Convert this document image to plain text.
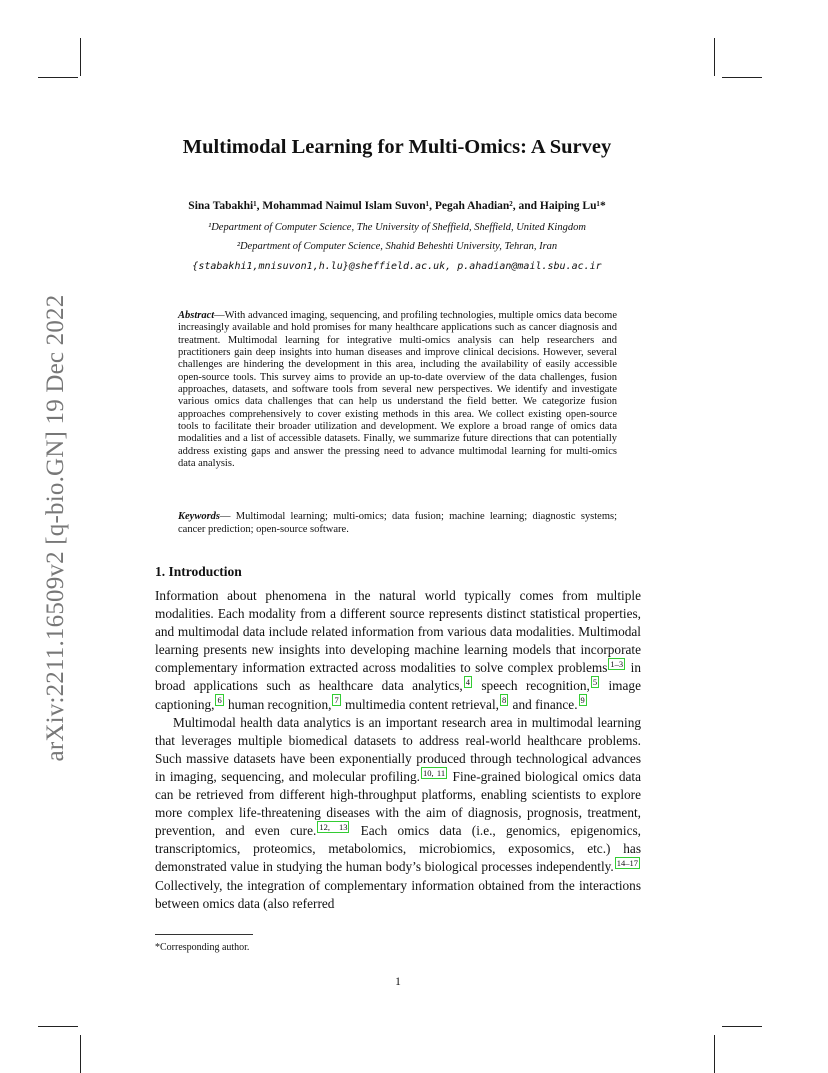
arXiv:2211.16509v2 [q-bio.GN] 19 Dec 2022
Multimodal Learning for Multi-Omics: A Survey
Sina Tabakhi¹, Mohammad Naimul Islam Suvon¹, Pegah Ahadian², and Haiping Lu¹*
¹Department of Computer Science, The University of Sheffield, Sheffield, United Kingdom
²Department of Computer Science, Shahid Beheshti University, Tehran, Iran
{stabakhi1,mnisuvon1,h.lu}@sheffield.ac.uk, p.ahadian@mail.sbu.ac.ir
Abstract—With advanced imaging, sequencing, and profiling technologies, multiple omics data become increasingly available and hold promises for many healthcare applications such as cancer diagnosis and treatment. Multimodal learning for integrative multi-omics analysis can help researchers and practitioners gain deep insights into human diseases and improve clinical decisions. However, several challenges are hindering the development in this area, including the availability of easily accessible open-source tools. This survey aims to provide an up-to-date overview of the data challenges, fusion approaches, datasets, and software tools from several new perspectives. We identify and investigate various omics data challenges that can help us understand the field better. We categorize fusion approaches comprehensively to cover existing methods in this area. We collect existing open-source tools to facilitate their broader utilization and development. We explore a broad range of omics data modalities and a list of accessible datasets. Finally, we summarize future directions that can potentially address existing gaps and answer the pressing need to advance multimodal learning for multi-omics data analysis.
Keywords— Multimodal learning; multi-omics; data fusion; machine learning; diagnostic systems; cancer prediction; open-source software.
1. Introduction

Information about phenomena in the natural world typically comes from multiple modalities. Each modality from a different source represents distinct statistical properties, and multimodal data include related information from various data modalities. Multimodal learning presents new insights into developing machine learning models that incorporate complementary information extracted across modalities to solve complex problems $^{1-3}$ in broad applications such as healthcare data analytics, $^4$ speech recognition, $^5$ image captioning, $^6$ human recognition, $^7$ multimedia content retrieval, $^8$ and finance. $^9$

Multimodal health data analytics is an important research area in multimodal learning that leverages multiple biomedical datasets to address real-world healthcare problems. Such massive datasets have been exponentially produced through technological advances in imaging, sequencing, and molecular profiling. $^{10, 11}$ Fine-grained biological omics data can be retrieved from different high-throughput platforms, enabling scientists to explore more complex life-threatening diseases with the aim of diagnosis, prognosis, treatment, prevention, and even cure. $^{12, 13}$ Each omics data (i.e., genomics, epigenomics, transcriptomics, proteomics, metabolomics, microbiomics, exposomics, etc.) has demonstrated value in studying the human body’s biological processes independently. $^{14-17}$ Collectively, the integration of complementary information obtained from the interactions between omics data (also referred

*Corresponding author.
1
